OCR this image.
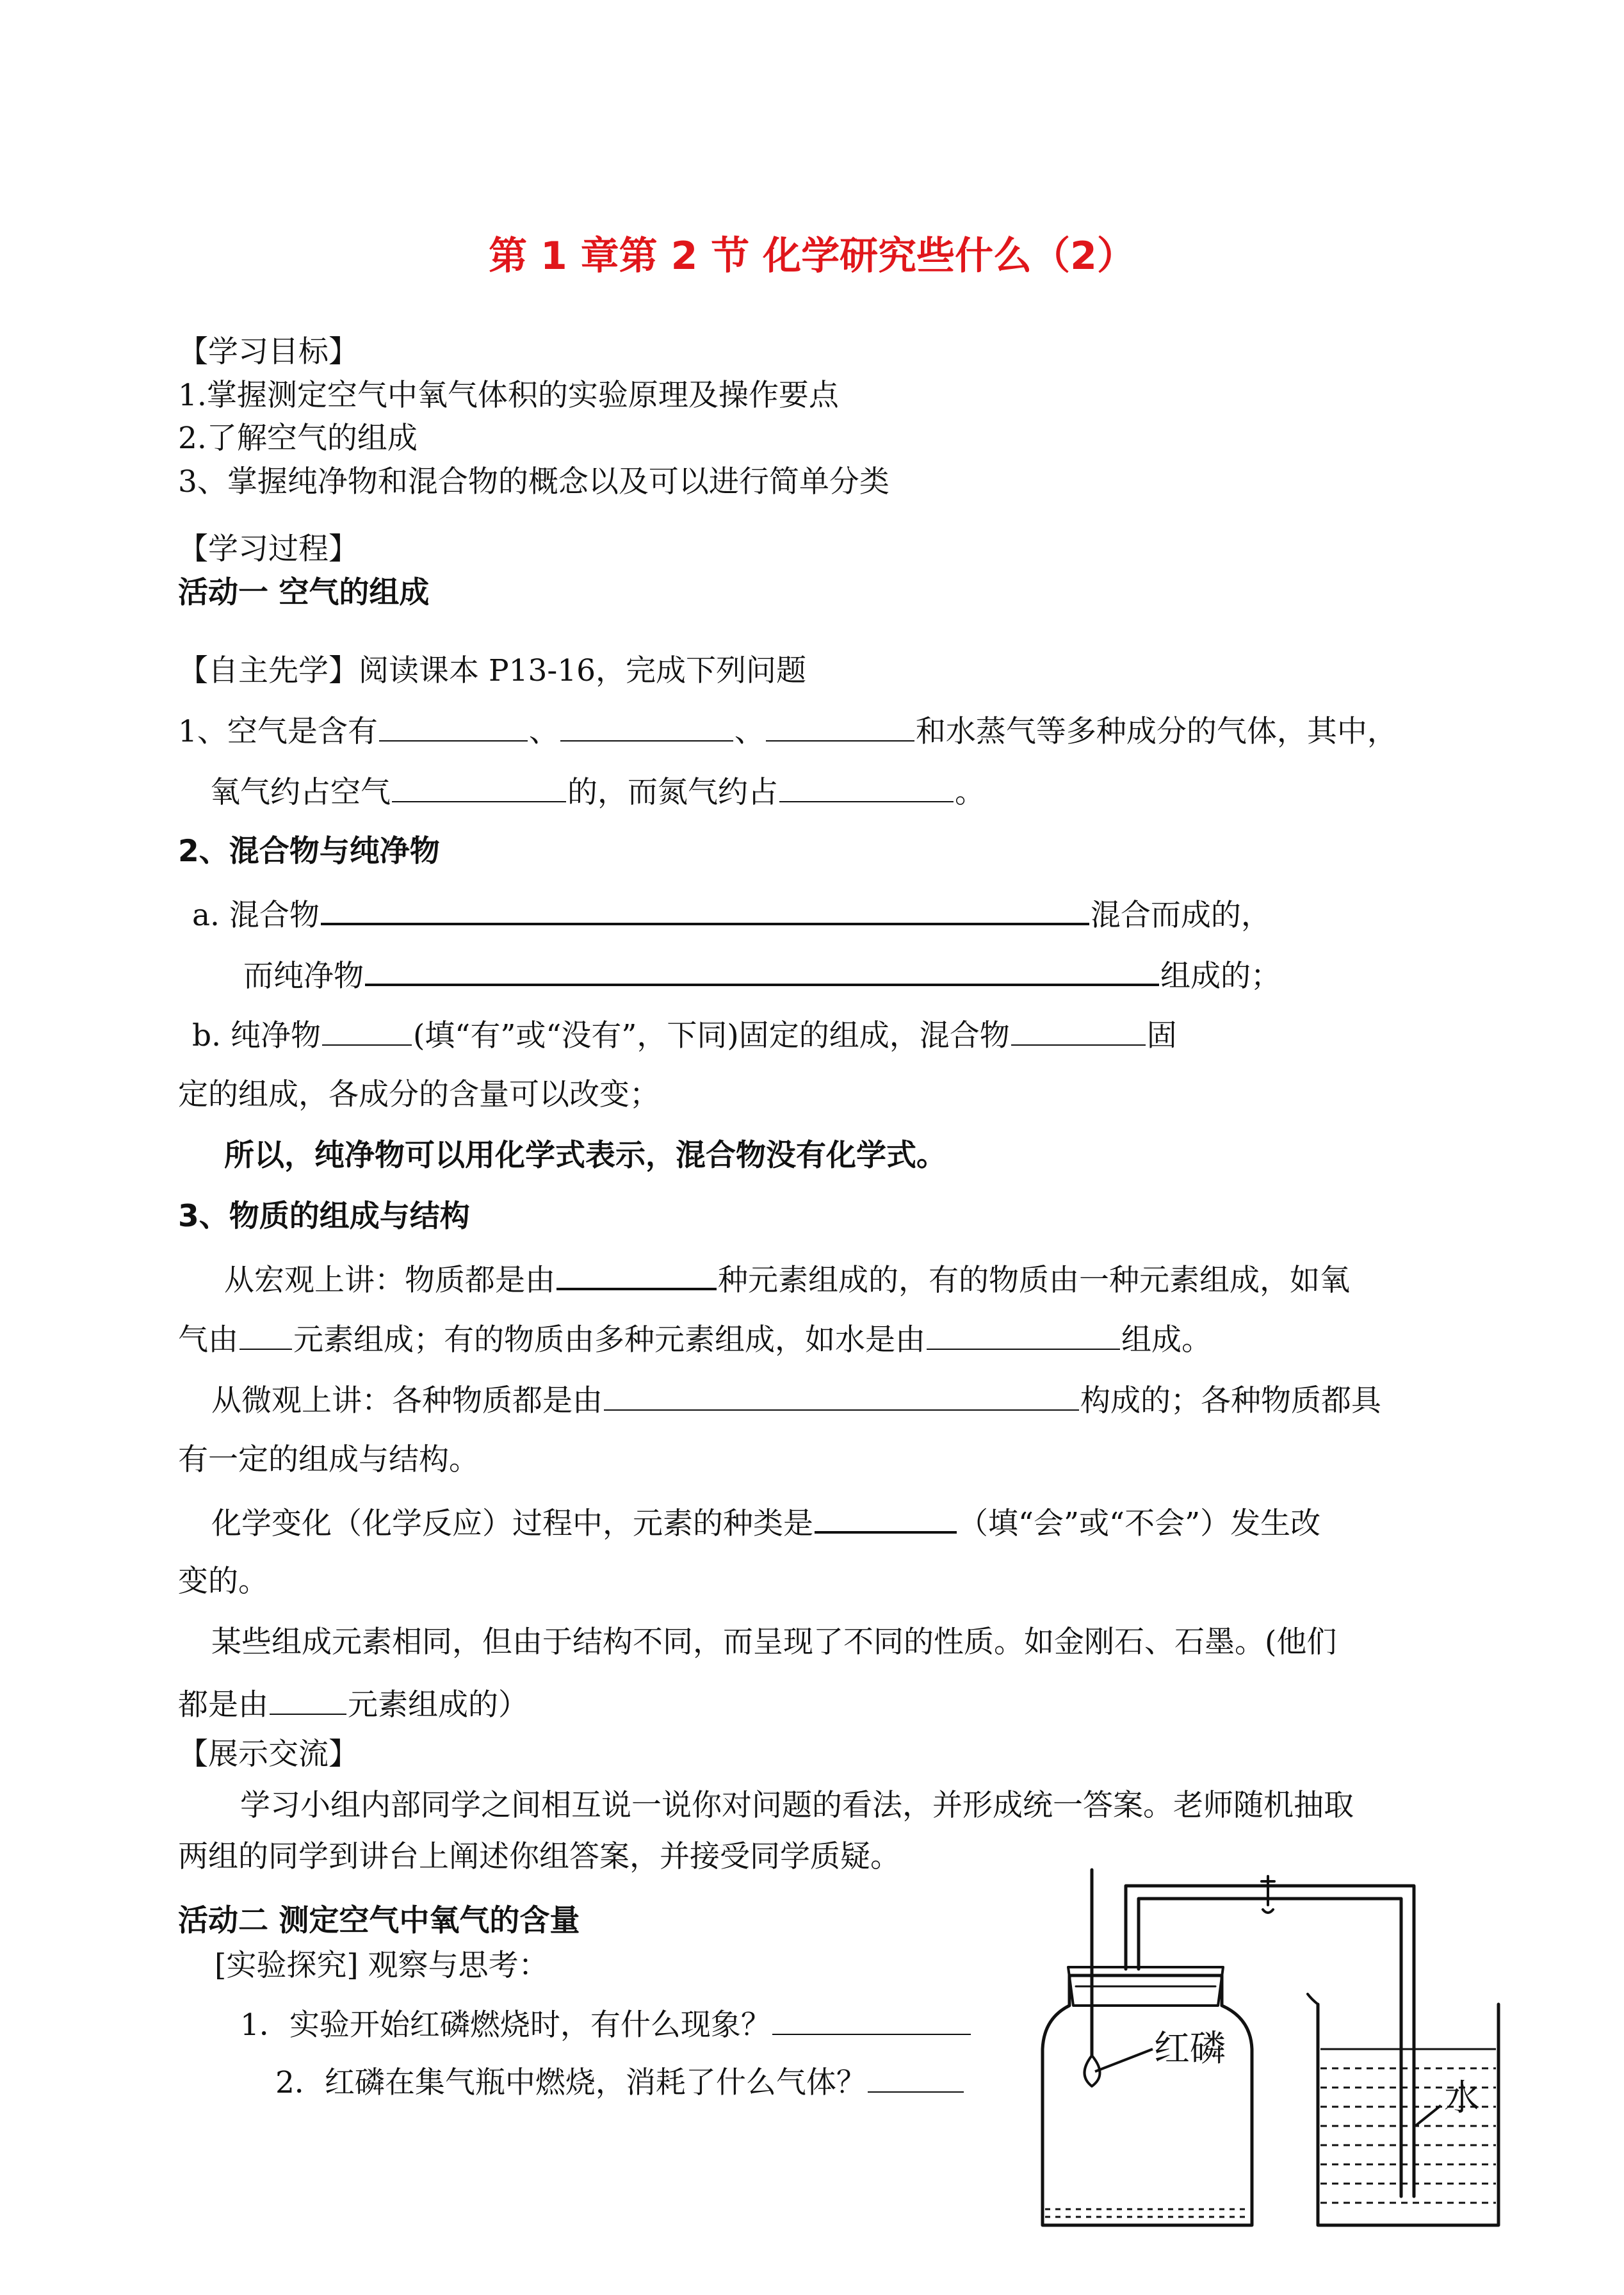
第 1 章第 2 节 化学研究些什么（2）
【学习目标】
1.掌握测定空气中氧气体积的实验原理及操作要点
2.了解空气的组成
3、掌握纯净物和混合物的概念以及可以进行简单分类
【学习过程】
活动一 空气的组成
【自主先学】阅读课本 P13-16，完成下列问题
1、空气是含有	、	、	和水蒸气等多种成分的气体，其中，
氧气约占空气	的，而氮气约占	。
2、混合物与纯净物
a. 混合物	混合而成的，
而纯净物	组成的；
b. 纯净物	(填“有”或“没有”，下同)固定的组成，混合物	固
定的组成，各成分的含量可以改变；
所以，纯净物可以用化学式表示，混合物没有化学式。
3、物质的组成与结构
从宏观上讲：物质都是由	种元素组成的，有的物质由一种元素组成，如氧
气由 元素组成；有的物质由多种元素组成，如水是由	组成。
从微观上讲：各种物质都是由	构成的；各种物质都具
有一定的组成与结构。
化学变化（化学反应）过程中，元素的种类是	（填“会”或“不会”）发生改
变的。
某些组成元素相同，但由于结构不同，而呈现了不同的性质。如金刚石、石墨。(他们
都是由	元素组成的）
【展示交流】
学习小组内部同学之间相互说一说你对问题的看法，并形成统一答案。老师随机抽取
两组的同学到讲台上阐述你组答案，并接受同学质疑。
活动二 测定空气中氧气的含量
[实验探究] 观察与思考：
1．实验开始红磷燃烧时，有什么现象？
2．红磷在集气瓶中燃烧，消耗了什么气体？
红磷
水
